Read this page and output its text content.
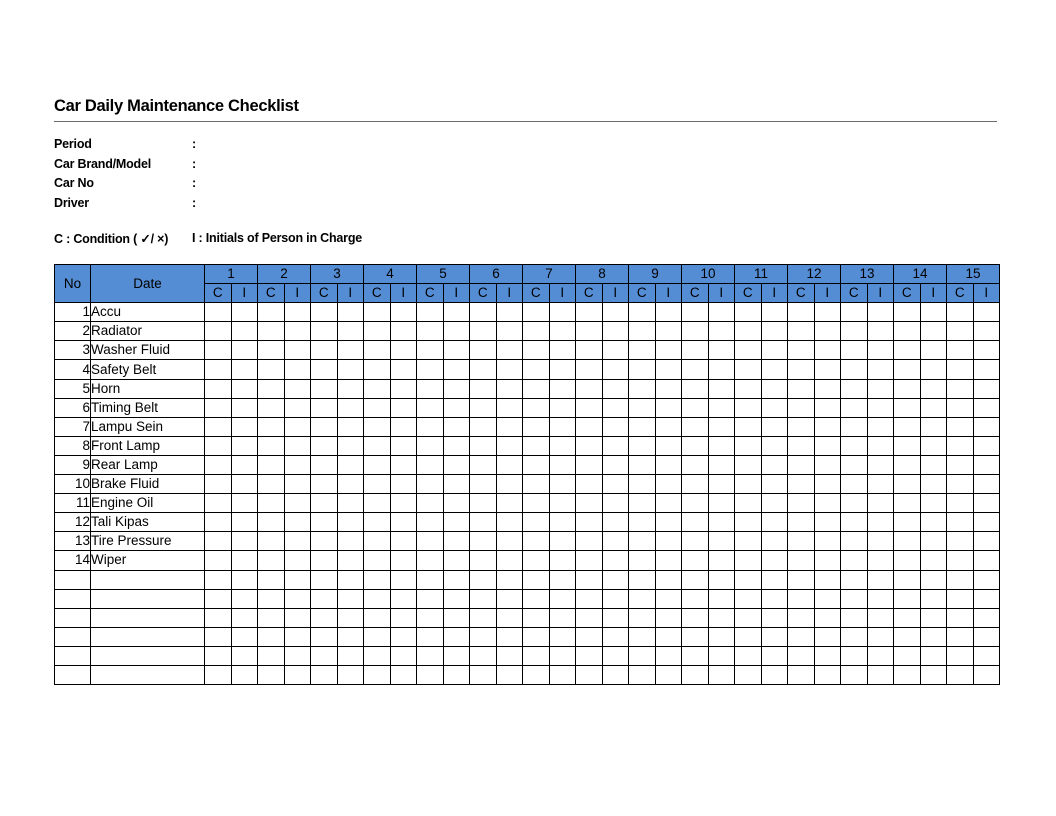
Car Daily Maintenance Checklist
Period	:
Car Brand/Model	:
Car No	:
Driver	:
C : Condition ( ✓/ ×)	I : Initials of Person in Charge
No	Date	1		2		3		4		5		6		7		8		9		10		11		12		13		14		15	
		C	I	C	I	C	I	C	I	C	I	C	I	C	I	C	I	C	I	C	I	C	I	C	I	C	I	C	I	C	I
1	Accu																														
2	Radiator																														
3	Washer Fluid																														
4	Safety Belt																														
5	Horn																														
6	Timing Belt																														
7	Lampu Sein																														
8	Front Lamp																														
9	Rear Lamp																														
10	Brake Fluid																														
11	Engine Oil																														
12	Tali Kipas																														
13	Tire Pressure																														
14	Wiper																														
